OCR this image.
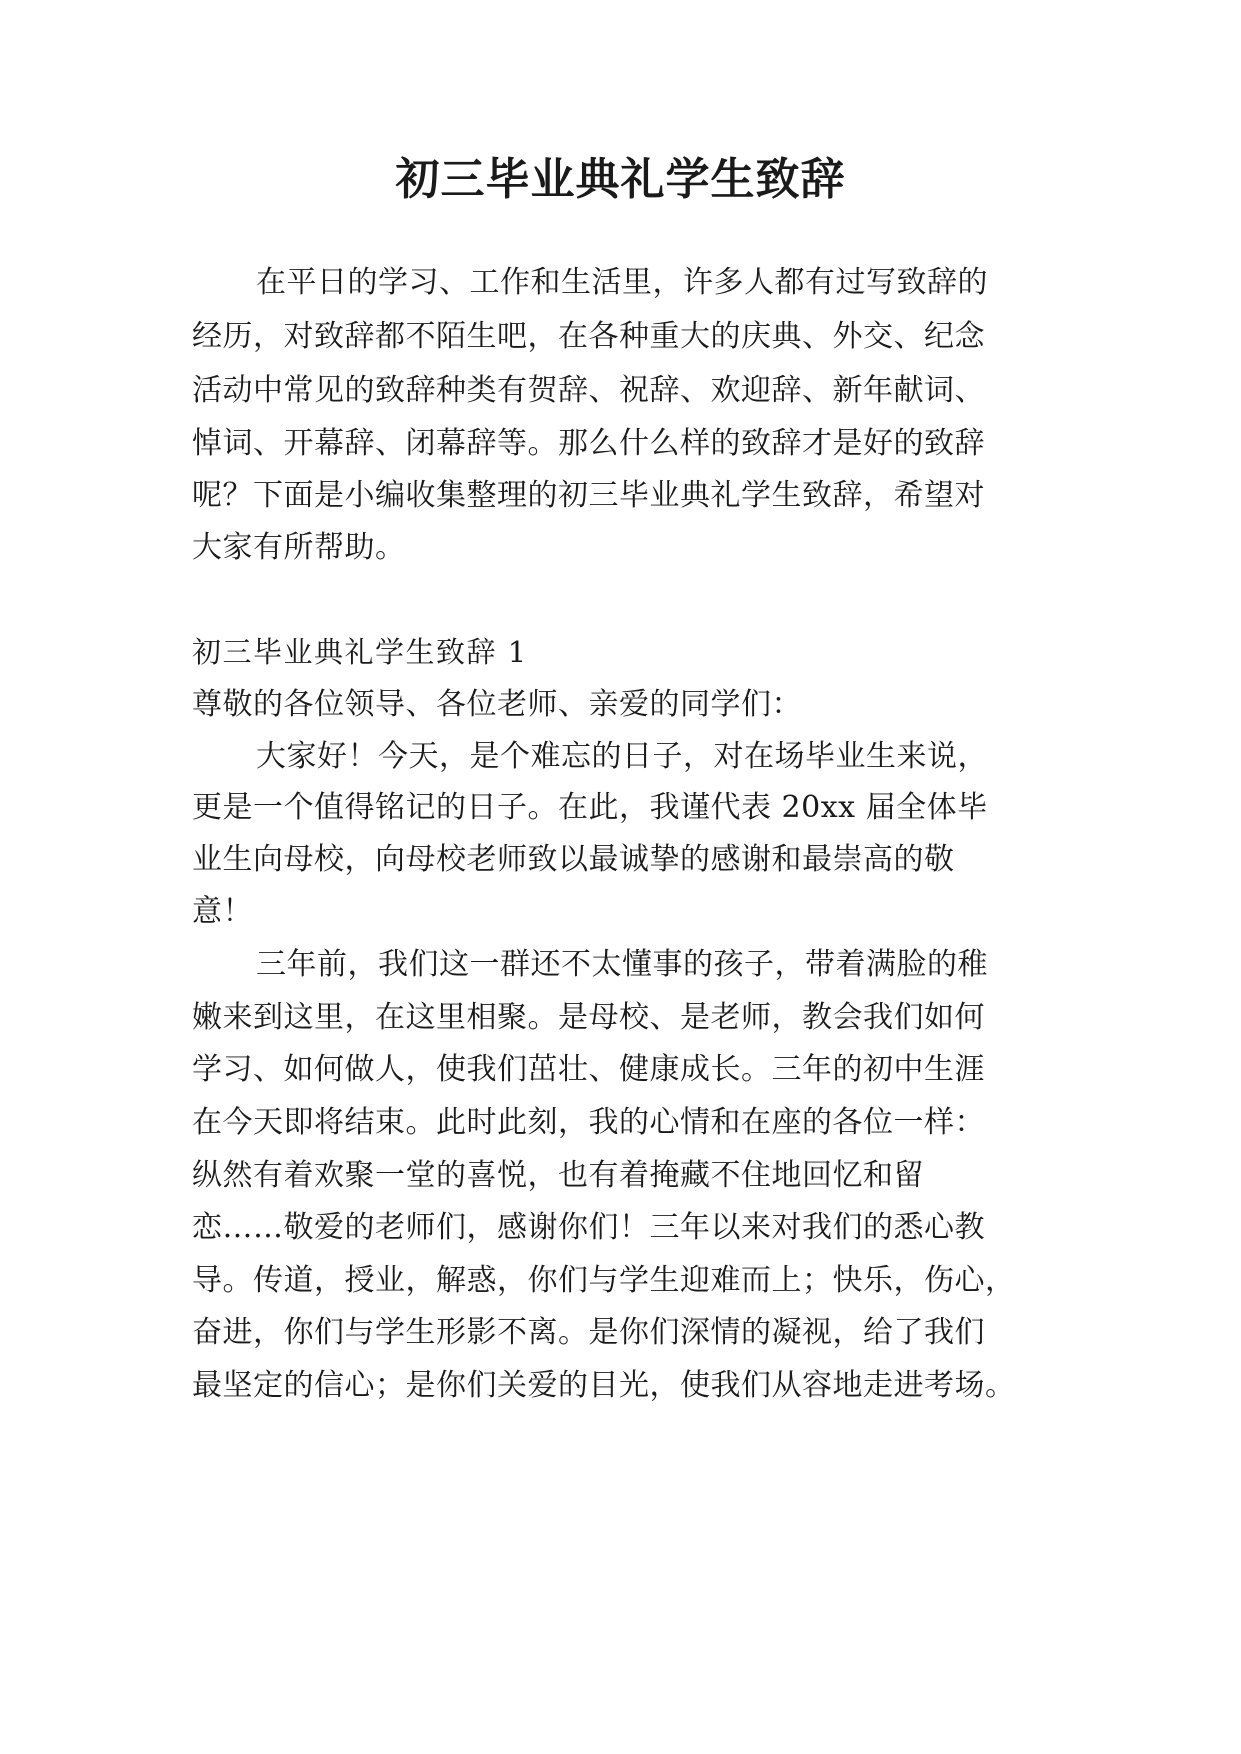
初三毕业典礼学生致辞

在平日的学习、工作和生活里，许多人都有过写致辞的

经历，对致辞都不陌生吧，在各种重大的庆典、外交、纪念

活动中常见的致辞种类有贺辞、祝辞、欢迎辞、新年献词、

悼词、开幕辞、闭幕辞等。那么什么样的致辞才是好的致辞

呢？下面是小编收集整理的初三毕业典礼学生致辞，希望对

大家有所帮助。

初三毕业典礼学生致辞 1

尊敬的各位领导、各位老师、亲爱的同学们：

大家好！今天，是个难忘的日子，对在场毕业生来说，

更是一个值得铭记的日子。在此，我谨代表 20xx 届全体毕

业生向母校，向母校老师致以最诚挚的感谢和最崇高的敬

意！

三年前，我们这一群还不太懂事的孩子，带着满脸的稚

嫩来到这里，在这里相聚。是母校、是老师，教会我们如何

学习、如何做人，使我们茁壮、健康成长。三年的初中生涯

在今天即将结束。此时此刻，我的心情和在座的各位一样：

纵然有着欢聚一堂的喜悦，也有着掩藏不住地回忆和留

恋……敬爱的老师们，感谢你们！三年以来对我们的悉心教

导。传道，授业，解惑，你们与学生迎难而上；快乐，伤心，

奋进，你们与学生形影不离。是你们深情的凝视，给了我们

最坚定的信心；是你们关爱的目光，使我们从容地走进考场。
